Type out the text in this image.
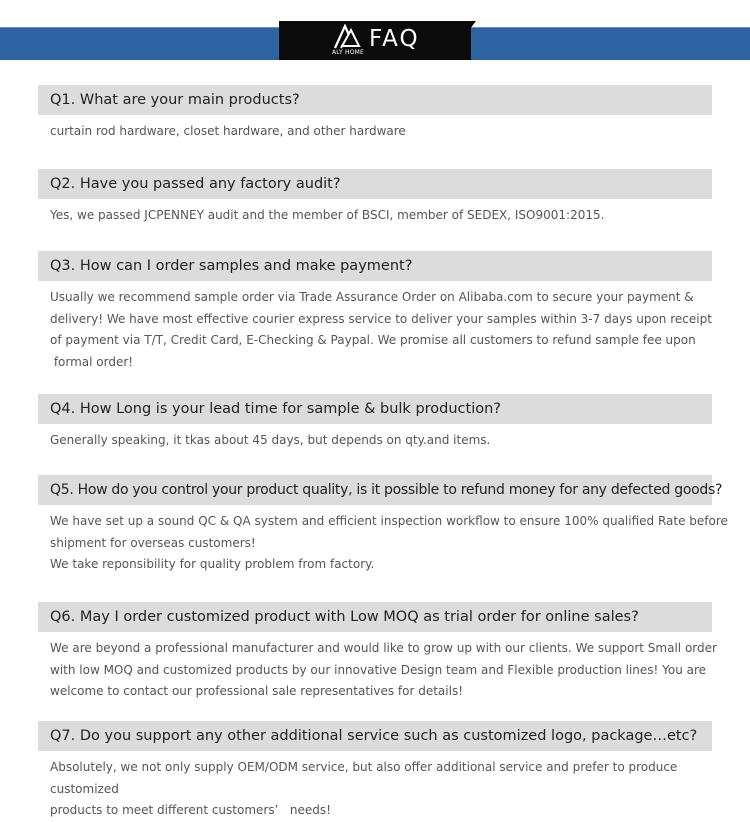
ALY HOME
FAQ
Q1. What are your main products?

curtain rod hardware, closet hardware, and other hardware

Q2. Have you passed any factory audit?

Yes, we passed JCPENNEY audit and the member of BSCI, member of SEDEX, ISO9001:2015.

Q3. How can I order samples and make payment?

Usually we recommend sample order via Trade Assurance Order on Alibaba.com to secure your payment &
delivery! We have most effective courier express service to deliver your samples within 3-7 days upon receipt
of payment via T/T, Credit Card, E-Checking & Paypal. We promise all customers to refund sample fee upon
formal order!

Q4. How Long is your lead time for sample & bulk production?

Generally speaking, it tkas about 45 days, but depends on qty.and items.

Q5. How do you control your product quality, is it possible to refund money for any defected goods?

We have set up a sound QC & QA system and efficient inspection workflow to ensure 100% qualified Rate before
shipment for overseas customers!
We take reponsibility for quality problem from factory.

Q6. May I order customized product with Low MOQ as trial order for online sales?

We are beyond a professional manufacturer and would like to grow up with our clients. We support Small order
with low MOQ and customized products by our innovative Design team and Flexible production lines! You are
welcome to contact our professional sale representatives for details!

Q7. Do you support any other additional service such as customized logo, package…etc?

Absolutely, we not only supply OEM/ODM service, but also offer additional service and prefer to produce customized
products to meet different customers’   needs!
